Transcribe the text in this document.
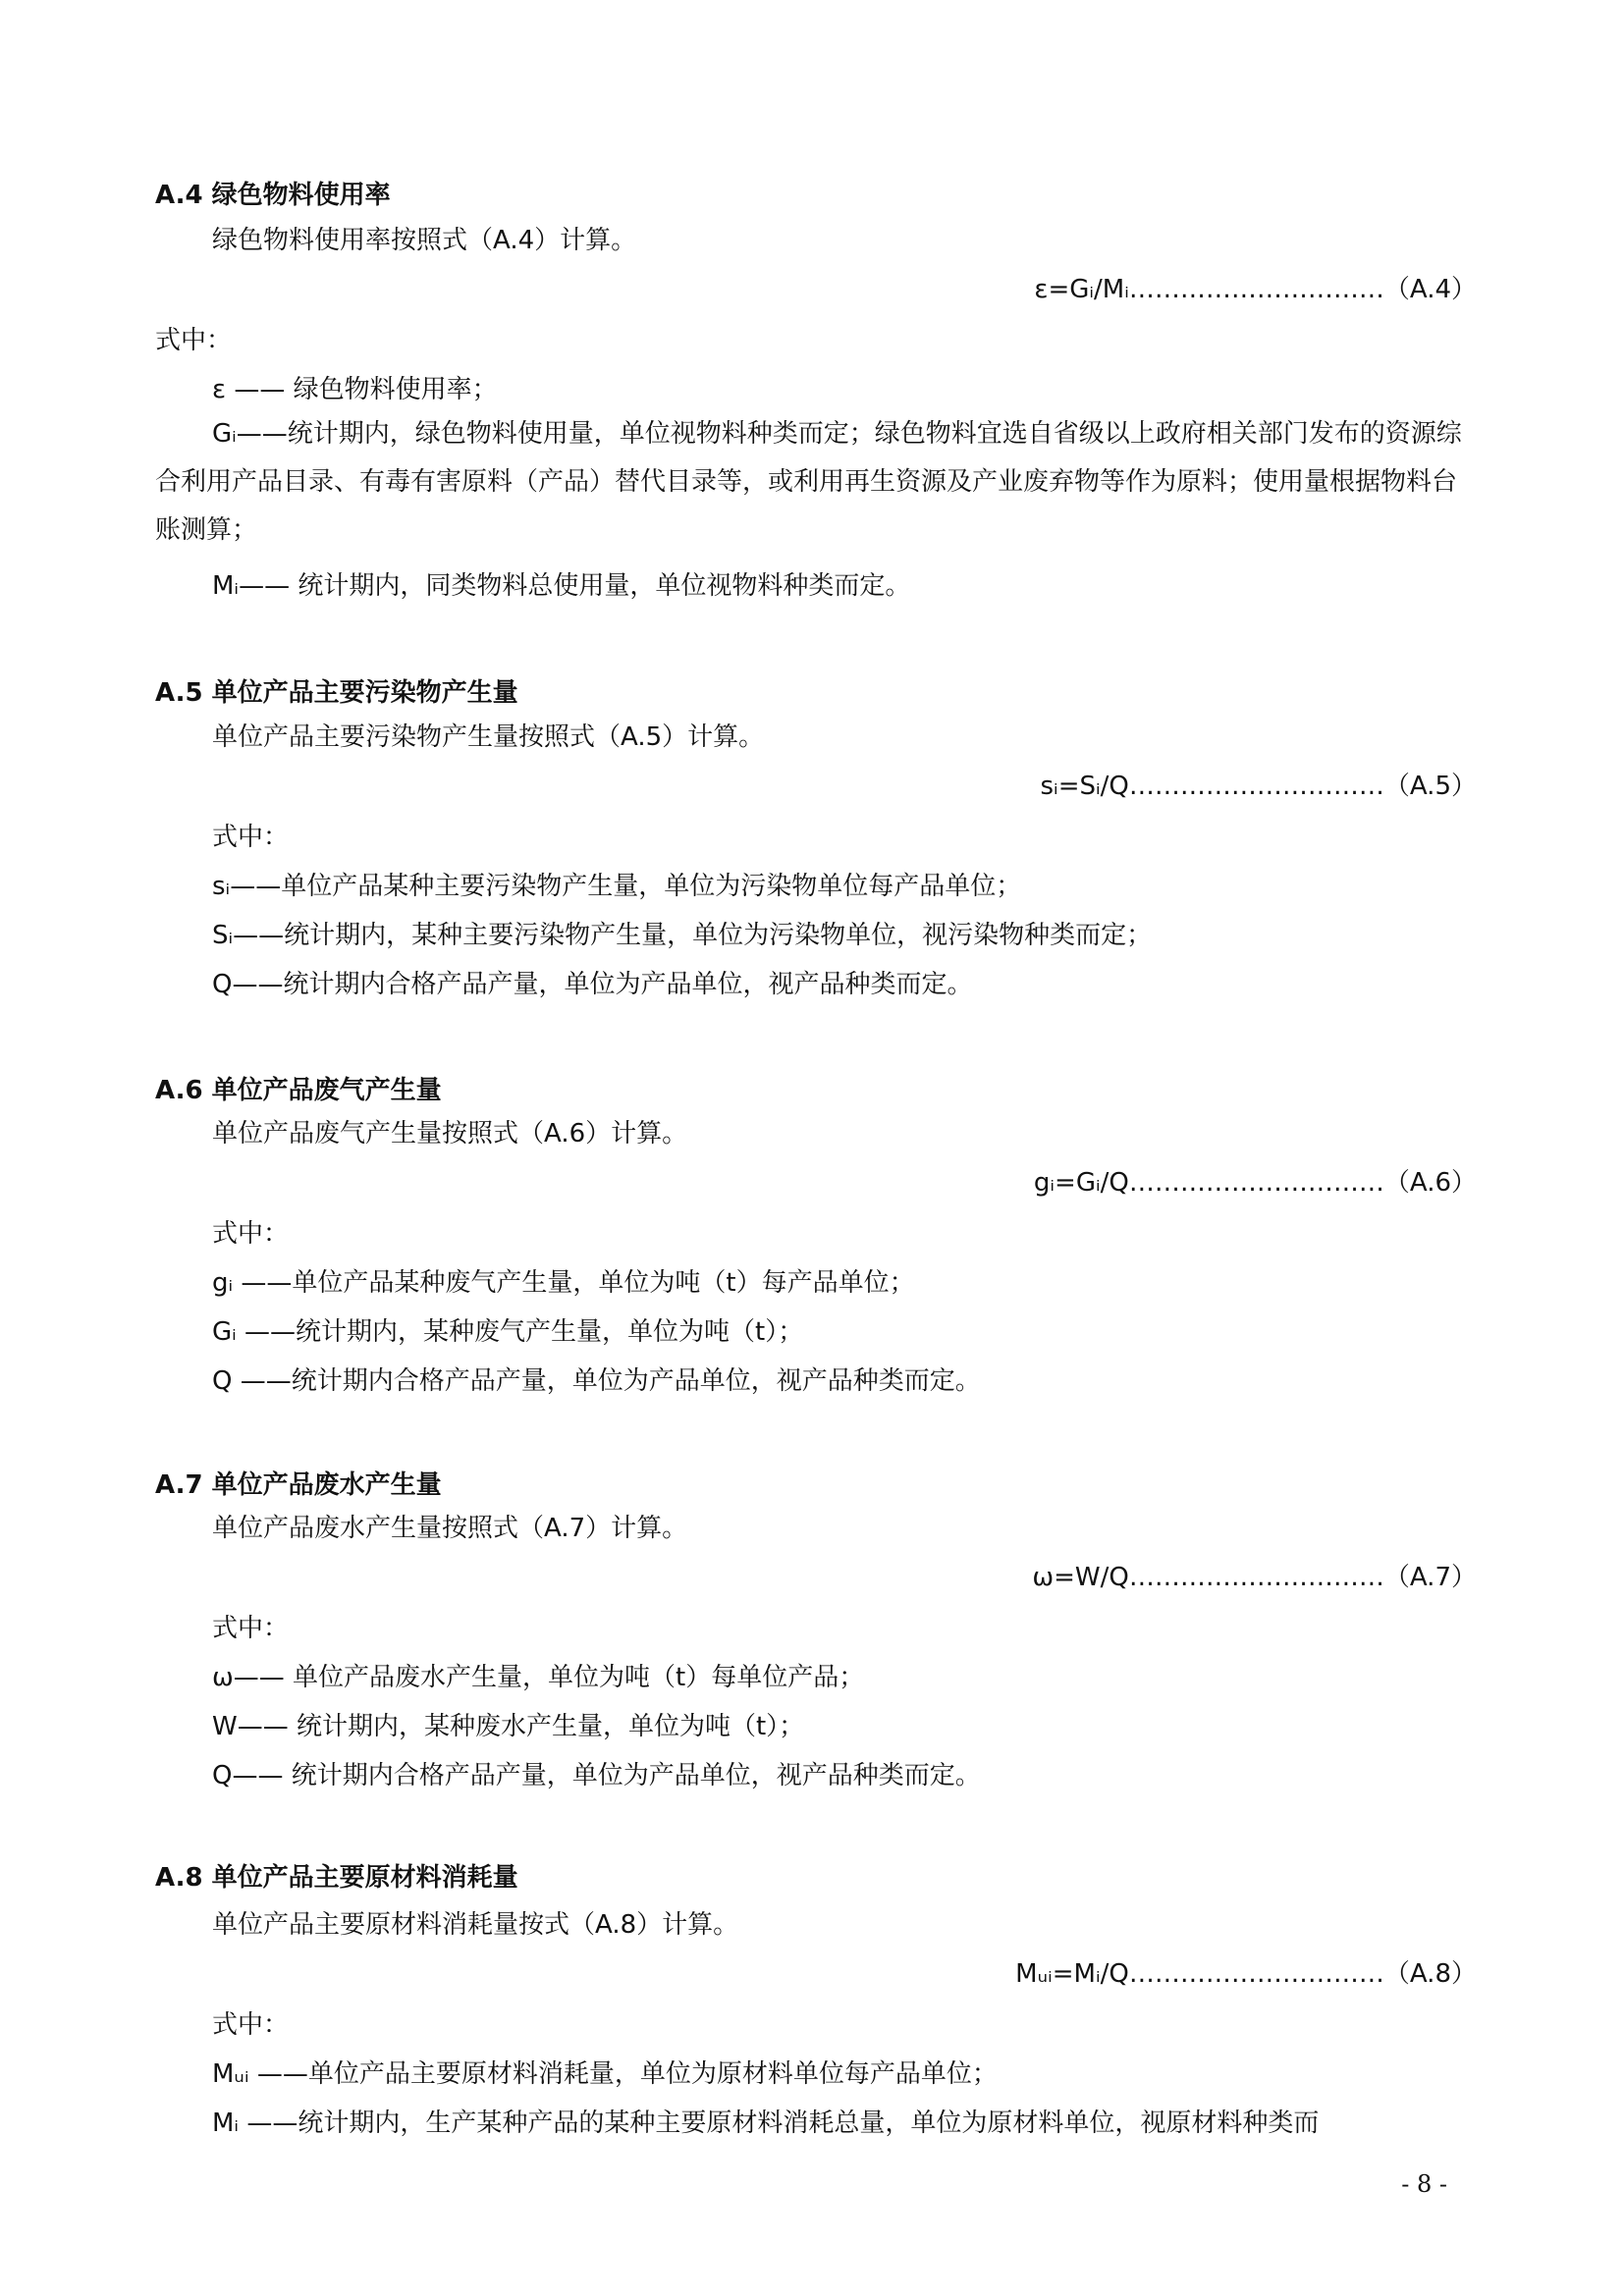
A.4 绿色物料使用率
绿色物料使用率按照式（A.4）计算。
ε=Gᵢ/Mᵢ…………………………（A.4）
式中：
ε —— 绿色物料使用率；
Gᵢ——统计期内，绿色物料使用量，单位视物料种类而定；绿色物料宜选自省级以上政府相关部门发布的资源综合利用产品目录、有毒有害原料（产品）替代目录等，或利用再生资源及产业废弃物等作为原料；使用量根据物料台账测算；
Mᵢ—— 统计期内，同类物料总使用量，单位视物料种类而定。
A.5 单位产品主要污染物产生量
单位产品主要污染物产生量按照式（A.5）计算。
sᵢ=Sᵢ/Q…………………………（A.5）
式中：
sᵢ——单位产品某种主要污染物产生量，单位为污染物单位每产品单位；
Sᵢ——统计期内，某种主要污染物产生量，单位为污染物单位，视污染物种类而定；
Q——统计期内合格产品产量，单位为产品单位，视产品种类而定。
A.6 单位产品废气产生量
单位产品废气产生量按照式（A.6）计算。
gᵢ=Gᵢ/Q…………………………（A.6）
式中：
gᵢ ——单位产品某种废气产生量，单位为吨（t）每产品单位；
Gᵢ ——统计期内，某种废气产生量，单位为吨（t）；
Q ——统计期内合格产品产量，单位为产品单位，视产品种类而定。
A.7 单位产品废水产生量
单位产品废水产生量按照式（A.7）计算。
ω=W/Q…………………………（A.7）
式中：
ω—— 单位产品废水产生量，单位为吨（t）每单位产品；
W—— 统计期内，某种废水产生量，单位为吨（t）；
Q—— 统计期内合格产品产量，单位为产品单位，视产品种类而定。
A.8 单位产品主要原材料消耗量
单位产品主要原材料消耗量按式（A.8）计算。
Mᵤᵢ=Mᵢ/Q…………………………（A.8）
式中：
Mᵤᵢ ——单位产品主要原材料消耗量，单位为原材料单位每产品单位；
Mᵢ ——统计期内，生产某种产品的某种主要原材料消耗总量，单位为原材料单位，视原材料种类而
- 8 -
